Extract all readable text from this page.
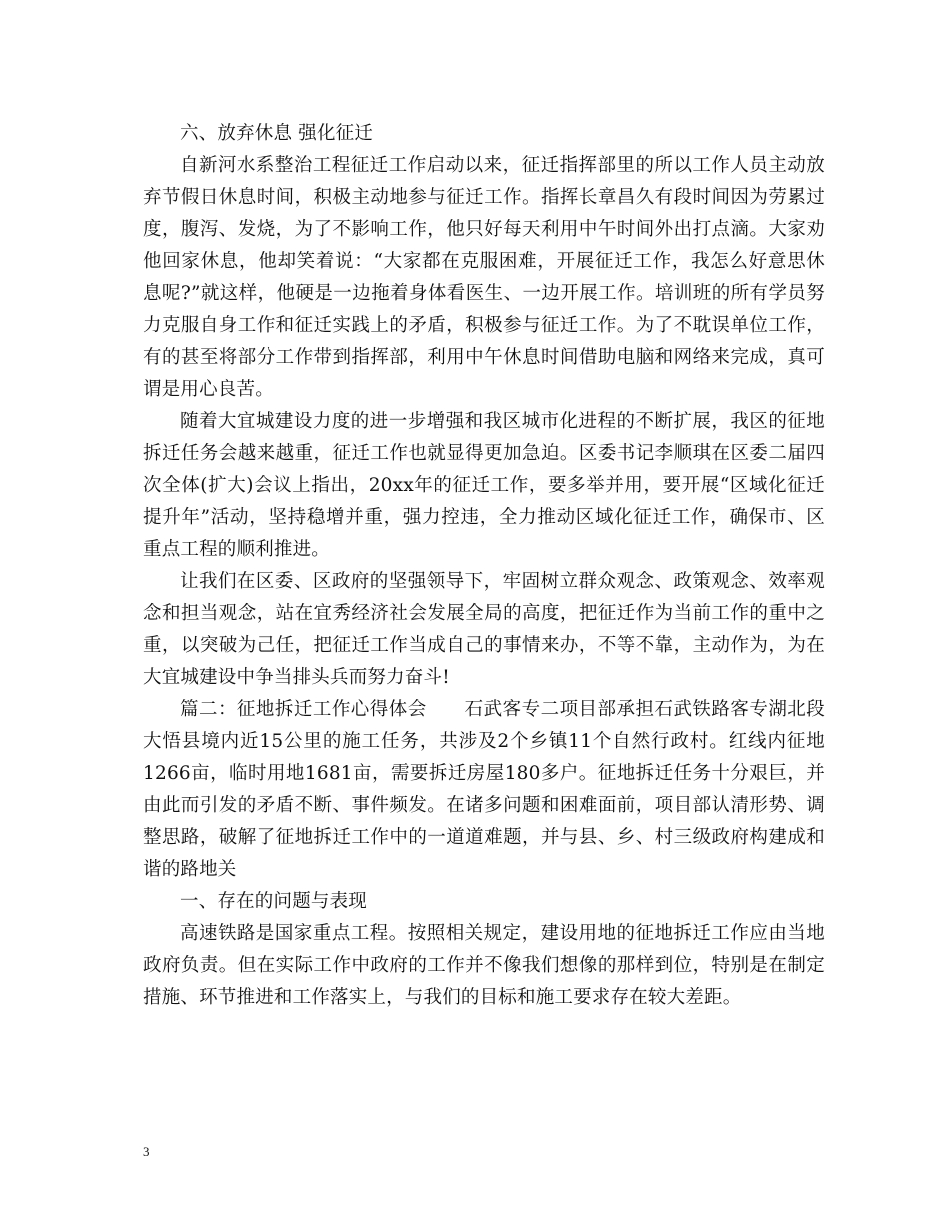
六、放弃休息 强化征迁

自新河水系整治工程征迁工作启动以来，征迁指挥部里的所以工作人员主动放弃节假日休息时间，积极主动地参与征迁工作。指挥长章昌久有段时间因为劳累过度，腹泻、发烧，为了不影响工作，他只好每天利用中午时间外出打点滴。大家劝他回家休息，他却笑着说：“大家都在克服困难，开展征迁工作，我怎么好意思休息呢?”就这样，他硬是一边拖着身体看医生、一边开展工作。培训班的所有学员努力克服自身工作和征迁实践上的矛盾，积极参与征迁工作。为了不耽误单位工作，有的甚至将部分工作带到指挥部，利用中午休息时间借助电脑和网络来完成，真可谓是用心良苦。

随着大宜城建设力度的进一步增强和我区城市化进程的不断扩展，我区的征地拆迁任务会越来越重，征迁工作也就显得更加急迫。区委书记李顺琪在区委二届四次全体(扩大)会议上指出，20xx年的征迁工作，要多举并用，要开展“区域化征迁提升年”活动，坚持稳增并重，强力控违，全力推动区域化征迁工作，确保市、区重点工程的顺利推进。

让我们在区委、区政府的坚强领导下，牢固树立群众观念、政策观念、效率观念和担当观念，站在宜秀经济社会发展全局的高度，把征迁作为当前工作的重中之重，以突破为己任，把征迁工作当成自己的事情来办，不等不靠，主动作为，为在大宜城建设中争当排头兵而努力奋斗!

篇二：征地拆迁工作心得体会　　石武客专二项目部承担石武铁路客专湖北段大悟县境内近15公里的施工任务，共涉及2个乡镇11个自然行政村。红线内征地1266亩，临时用地1681亩，需要拆迁房屋180多户。征地拆迁任务十分艰巨，并由此而引发的矛盾不断、事件频发。在诸多问题和困难面前，项目部认清形势、调整思路，破解了征地拆迁工作中的一道道难题，并与县、乡、村三级政府构建成和谐的路地关

一、存在的问题与表现

高速铁路是国家重点工程。按照相关规定，建设用地的征地拆迁工作应由当地政府负责。但在实际工作中政府的工作并不像我们想像的那样到位，特别是在制定措施、环节推进和工作落实上，与我们的目标和施工要求存在较大差距。

3
